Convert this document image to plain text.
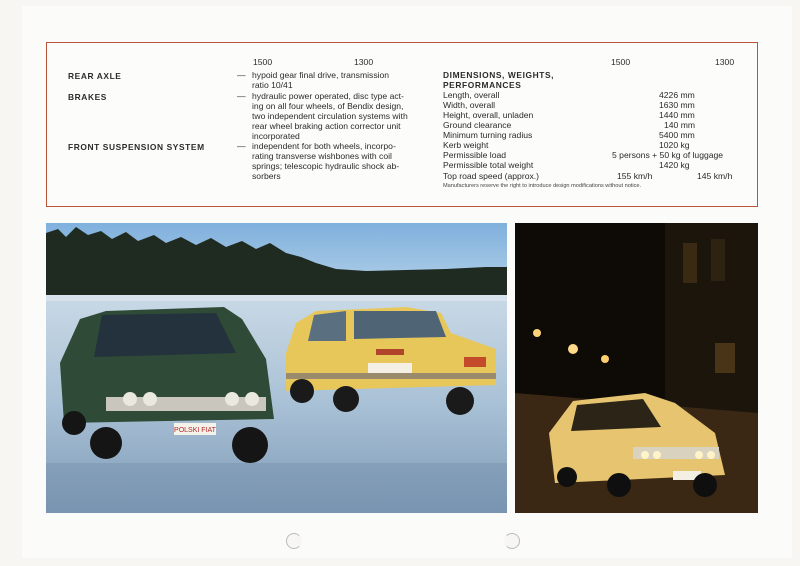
1500	1300
REAR AXLE	— hypoid gear final drive, transmission
ratio 10/41
BRAKES	— hydraulic power operated, disc type act-
ing on all four wheels, of Bendix design,
two independent circulation systems with
rear wheel braking action corrector unit
incorporated
FRONT SUSPENSION SYSTEM	— independent for both wheels, incorpo-
rating transverse wishbones with coil
springs; telescopic hydraulic shock ab-
sorbers
1500	1300
DIMENSIONS, WEIGHTS,
PERFORMANCES
Length, overall	4226 mm
Width, overall	1630 mm
Height, overall, unladen	1440 mm
Ground clearance	140 mm
Minimum turning radius	5400 mm
Kerb weight	1020 kg
Permissible load	5 persons + 50 kg of luggage
Permissible total weight	1420 kg
Top road speed (approx.)	155 km/h	145 km/h
Manufacturers reserve the right to introduce design modifications without notice.
POLSKI FIAT
